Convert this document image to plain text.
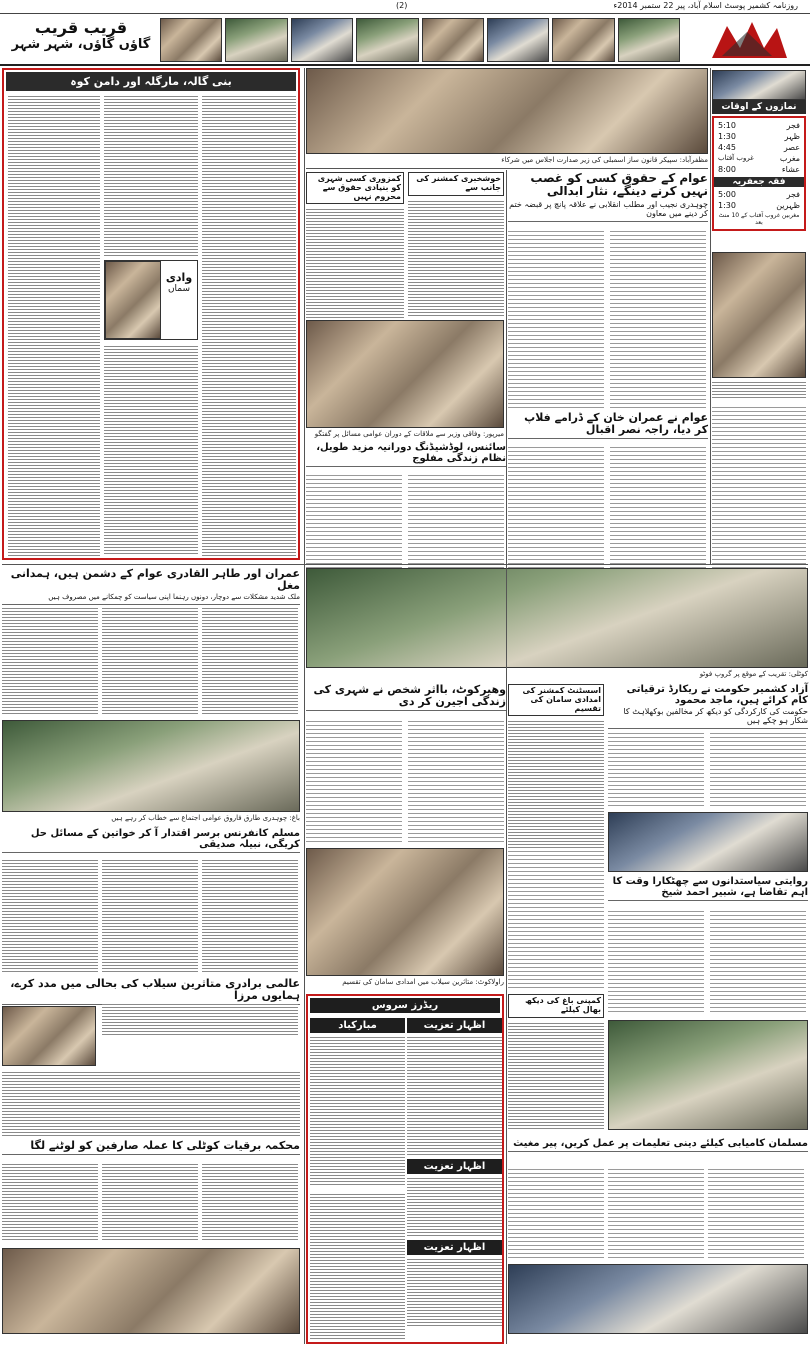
روزنامہ کشمیر پوسٹ اسلام آباد، پیر 22 ستمبر 2014ء
(2)
قریب قریب
گاؤں گاؤں، شہر شہر
نمازوں کے اوقات
5:10	فجر
1:30	ظہر
4:45	عصر
غروب آفتاب	مغرب
8:00	عشاء
فقہ جعفریہ
5:00	فجر
1:30	ظہرین
مغربین غروب آفتاب کے 10 منٹ بعد
بنی گالہ، مارگلہ اور دامن کوہ
وادی
سماں
مظفرآباد: سپیکر قانون ساز اسمبلی کی زیر صدارت اجلاس میں شرکاء
عوام کے حقوق کسی کو غصب نہیں کرنے دینگے، نثار ابدالی
چوہدری نجیب اور مطلب انقلابی نے علاقہ پانچ پر قبضہ ختم کر دینے میں معاون
خوشخبری کمشنر کی جانب سے
کمزوری کسی شہری کو بنیادی حقوق سے محروم نہیں
میرپور: وفاقی وزیر سے ملاقات کے دوران عوامی مسائل پر گفتگو
سائنس، لوڈشیڈنگ دورانیہ مزید طویل، نظام زندگی مفلوج
عوام نے عمران خان کے ڈرامے فلاپ کر دیا، راجہ نصر اقبال
عمران اور طاہر القادری عوام کے دشمن ہیں، ہمدانی مغل
ملک شدید مشکلات سے دوچار، دونوں رہنما اپنی سیاست کو چمکانے میں مصروف ہیں
کوٹلی: تقریب کے موقع پر گروپ فوٹو
وھیرکوٹ، بااثر شخص نے شہری کی زندگی اجیرن کر دی
اسسٹنٹ کمشنر کی امدادی سامان کی تقسیم
آزاد کشمیر حکومت نے ریکارڈ ترقیاتی کام کرائے ہیں، ماجد محمود
حکومت کی کارکردگی کو دیکھ کر مخالفین بوکھلاہٹ کا شکار ہو چکے ہیں
باغ: چوہدری طارق فاروق عوامی اجتماع سے خطاب کر رہے ہیں
مسلم کانفرنس برسر اقتدار آ کر خواتین کے مسائل حل کریگی، نبیلہ صدیقی
راولاکوٹ: متاثرین سیلاب میں امدادی سامان کی تقسیم
روایتی سیاستدانوں سے چھٹکارا وقت کا اہم تقاضا ہے، شبیر احمد شیخ
عالمی برادری متاثرین سیلاب کی بحالی میں مدد کرے، ہمایوں مرزا
ریڈرز سروس
مبارکباد	اظہار تعزیت
اظہار تعزیت
اظہار تعزیت
کمپنی باغ کی دیکھ بھال کیلئے
محکمہ برقیات کوٹلی کا عملہ صارفین کو لوٹنے لگا	مسلمان کامیابی کیلئے دینی تعلیمات پر عمل کریں، پیر مغیث
